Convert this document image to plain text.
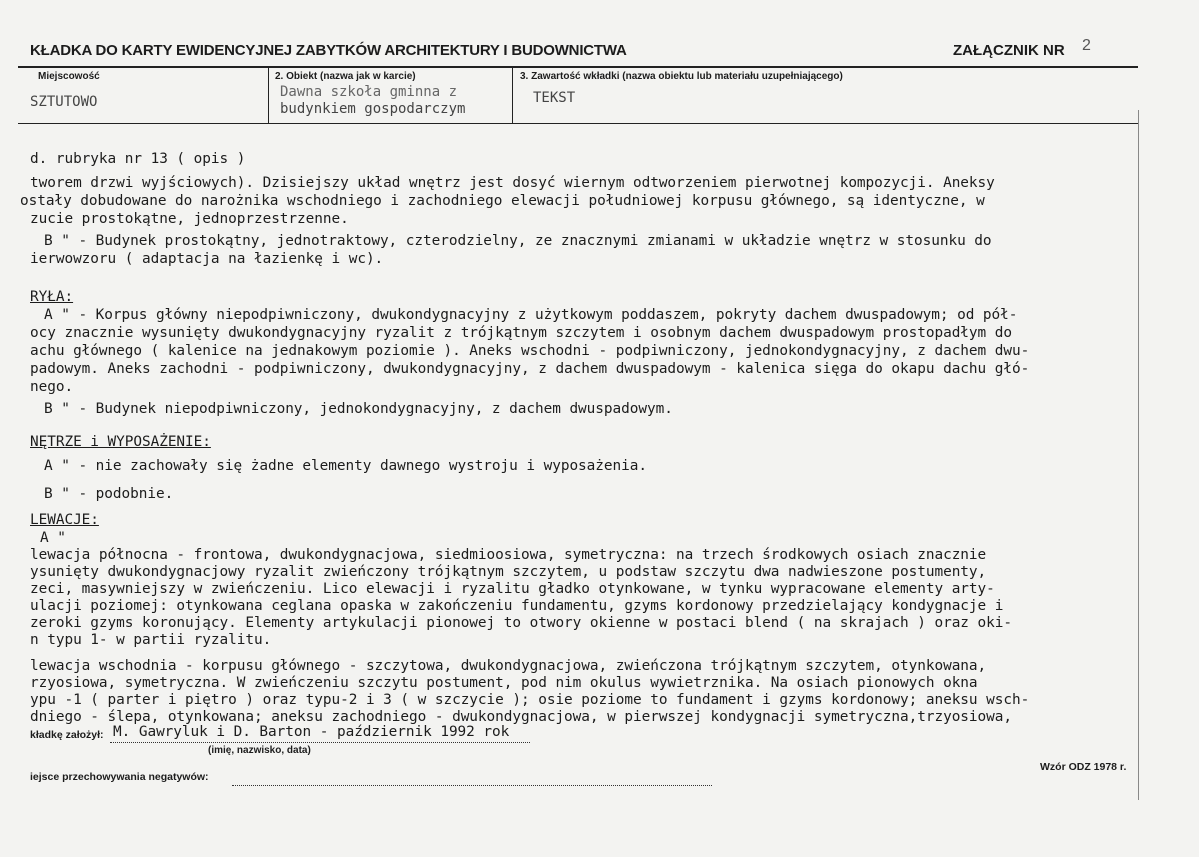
KŁADKA DO KARTY EWIDENCYJNEJ ZABYTKÓW ARCHITEKTURY I BUDOWNICTWA	ZAŁĄCZNIK NR 2
Miejscowość
SZTUTOWO
2. Obiekt (nazwa jak w karcie)
Dawna szkoła gminna z
budynkiem gospodarczym
3. Zawartość wkładki (nazwa obiektu lub materiału uzupełniającego)
TEKST
d. rubryka nr 13 ( opis )
tworem drzwi wyjściowych). Dzisiejszy układ wnętrz jest dosyć wiernym odtworzeniem pierwotnej kompozycji. Aneksy
ostały dobudowane do narożnika wschodniego i zachodniego elewacji południowej korpusu głównego, są identyczne, w
zucie prostokątne, jednoprzestrzenne.
B " - Budynek prostokątny, jednotraktowy, czterodzielny, ze znacznymi zmianami w układzie wnętrz w stosunku do
ierwowzoru ( adaptacja na łazienkę i wc).
RYŁA:
A " - Korpus główny niepodpiwniczony, dwukondygnacyjny z użytkowym poddaszem, pokryty dachem dwuspadowym; od pół-
ocy znacznie wysunięty dwukondygnacyjny ryzalit z trójkątnym szczytem i osobnym dachem dwuspadowym prostopadłym do
achu głównego ( kalenice na jednakowym poziomie ). Aneks wschodni - podpiwniczony, jednokondygnacyjny, z dachem dwu-
padowym. Aneks zachodni - podpiwniczony, dwukondygnacyjny, z dachem dwuspadowym - kalenica sięga do okapu dachu głó-
nego.
B " - Budynek niepodpiwniczony, jednokondygnacyjny, z dachem dwuspadowym.
NĘTRZE i WYPOSAŻENIE:
A " - nie zachowały się żadne elementy dawnego wystroju i wyposażenia.
B " - podobnie.
LEWACJE:
A "
lewacja północna - frontowa, dwukondygnacjowa, siedmioosiowa, symetryczna: na trzech środkowych osiach znacznie
ysunięty dwukondygnacjowy ryzalit zwieńczony trójkątnym szczytem, u podstaw szczytu dwa nadwieszone postumenty,
zeci, masywniejszy w zwieńczeniu. Lico elewacji i ryzalitu gładko otynkowane, w tynku wypracowane elementy arty-
ulacji poziomej: otynkowana ceglana opaska w zakończeniu fundamentu, gzyms kordonowy przedzielający kondygnacje i
zeroki gzyms koronujący. Elementy artykulacji pionowej to otwory okienne w postaci blend ( na skrajach ) oraz oki-
n typu 1- w partii ryzalitu.
lewacja wschodnia - korpusu głównego - szczytowa, dwukondygnacjowa, zwieńczona trójkątnym szczytem, otynkowana,
rzyosiowa, symetryczna. W zwieńczeniu szczytu postument, pod nim okulus wywietrznika. Na osiach pionowych okna
ypu -1 ( parter i piętro ) oraz typu-2 i 3 ( w szczycie ); osie poziome to fundament i gzyms kordonowy; aneksu wsch-
dniego - ślepa, otynkowana; aneksu zachodniego - dwukondygnacjowa, w pierwszej kondygnacji symetryczna,trzyosiowa,
kładkę założył: M. Gawryluk i D. Barton - październik 1992 rok
(imię, nazwisko, data)
iejsce przechowywania negatywów:
Wzór ODZ 1978 r.
